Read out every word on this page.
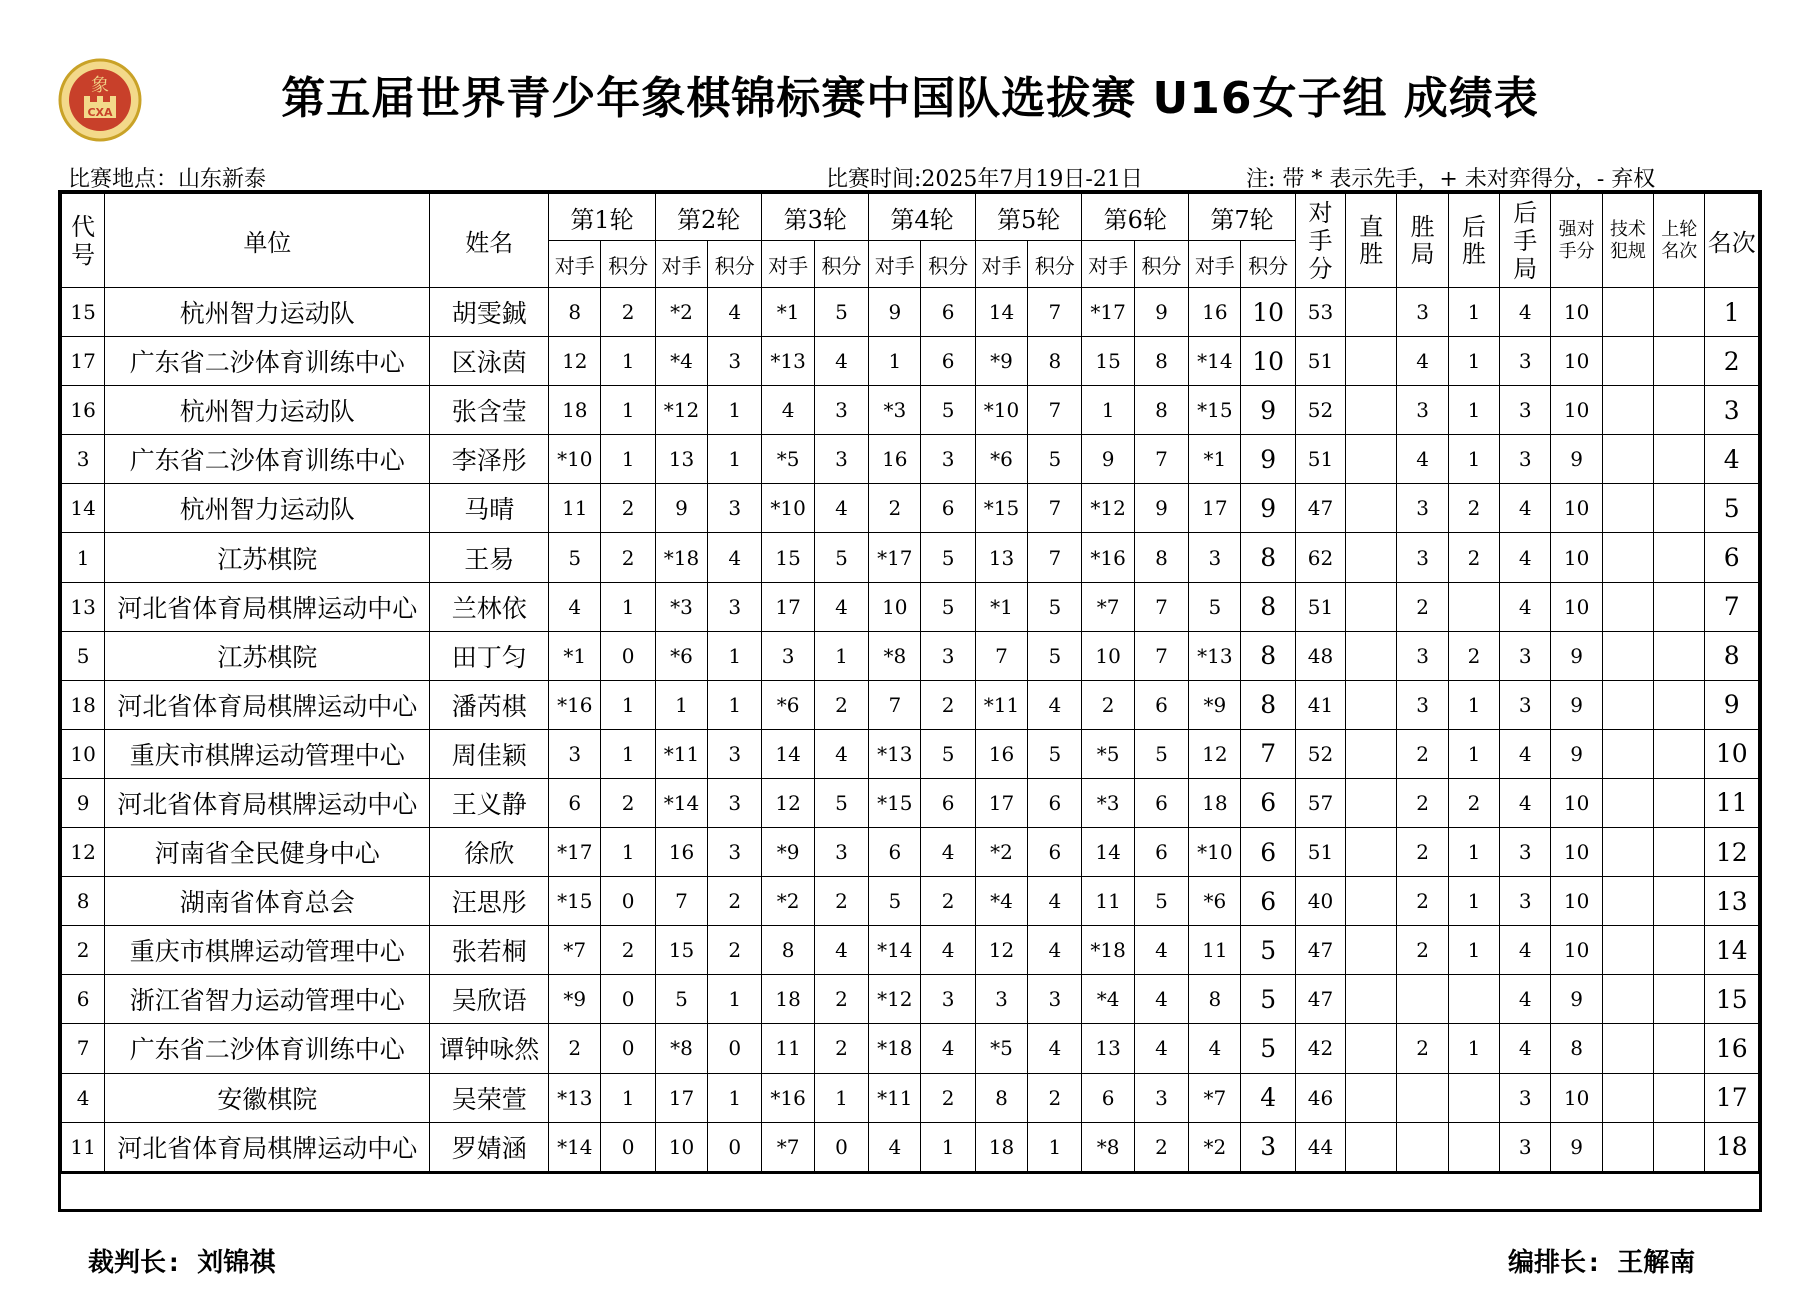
象
CXA	第五届世界青少年象棋锦标赛中国队选拔赛 U16女子组 成绩表
比赛地点：山东新泰	比赛时间:2025年7月19日-21日	注: 带 * 表示先手，+ 未对弈得分，- 弃权
代号	单位	姓名	第1轮		第2轮		第3轮		第4轮		第5轮		第6轮		第7轮		对手分	直胜	胜局	后胜	后手局	强对手分	技术犯规	上轮名次	名次
			对手	积分	对手	积分	对手	积分	对手	积分	对手	积分	对手	积分	对手	积分									
15	杭州智力运动队	胡雯鋮	8	2	*2	4	*1	5	9	6	14	7	*17	9	16	10	53		3	1	4	10			1
17	广东省二沙体育训练中心	区泳茵	12	1	*4	3	*13	4	1	6	*9	8	15	8	*14	10	51		4	1	3	10			2
16	杭州智力运动队	张含莹	18	1	*12	1	4	3	*3	5	*10	7	1	8	*15	9	52		3	1	3	10			3
3	广东省二沙体育训练中心	李泽彤	*10	1	13	1	*5	3	16	3	*6	5	9	7	*1	9	51		4	1	3	9			4
14	杭州智力运动队	马晴	11	2	9	3	*10	4	2	6	*15	7	*12	9	17	9	47		3	2	4	10			5
1	江苏棋院	王易	5	2	*18	4	15	5	*17	5	13	7	*16	8	3	8	62		3	2	4	10			6
13	河北省体育局棋牌运动中心	兰林依	4	1	*3	3	17	4	10	5	*1	5	*7	7	5	8	51		2		4	10			7
5	江苏棋院	田丁匀	*1	0	*6	1	3	1	*8	3	7	5	10	7	*13	8	48		3	2	3	9			8
18	河北省体育局棋牌运动中心	潘芮棋	*16	1	1	1	*6	2	7	2	*11	4	2	6	*9	8	41		3	1	3	9			9
10	重庆市棋牌运动管理中心	周佳颖	3	1	*11	3	14	4	*13	5	16	5	*5	5	12	7	52		2	1	4	9			10
9	河北省体育局棋牌运动中心	王义静	6	2	*14	3	12	5	*15	6	17	6	*3	6	18	6	57		2	2	4	10			11
12	河南省全民健身中心	徐欣	*17	1	16	3	*9	3	6	4	*2	6	14	6	*10	6	51		2	1	3	10			12
8	湖南省体育总会	汪思彤	*15	0	7	2	*2	2	5	2	*4	4	11	5	*6	6	40		2	1	3	10			13
2	重庆市棋牌运动管理中心	张若桐	*7	2	15	2	8	4	*14	4	12	4	*18	4	11	5	47		2	1	4	10			14
6	浙江省智力运动管理中心	吴欣语	*9	0	5	1	18	2	*12	3	3	3	*4	4	8	5	47				4	9			15
7	广东省二沙体育训练中心	谭钟咏然	2	0	*8	0	11	2	*18	4	*5	4	13	4	4	5	42		2	1	4	8			16
4	安徽棋院	吴荣萱	*13	1	17	1	*16	1	*11	2	8	2	6	3	*7	4	46				3	10			17
11	河北省体育局棋牌运动中心	罗婧涵	*14	0	10	0	*7	0	4	1	18	1	*8	2	*2	3	44				3	9			18
裁判长: 刘锦祺	编排长: 王解南
